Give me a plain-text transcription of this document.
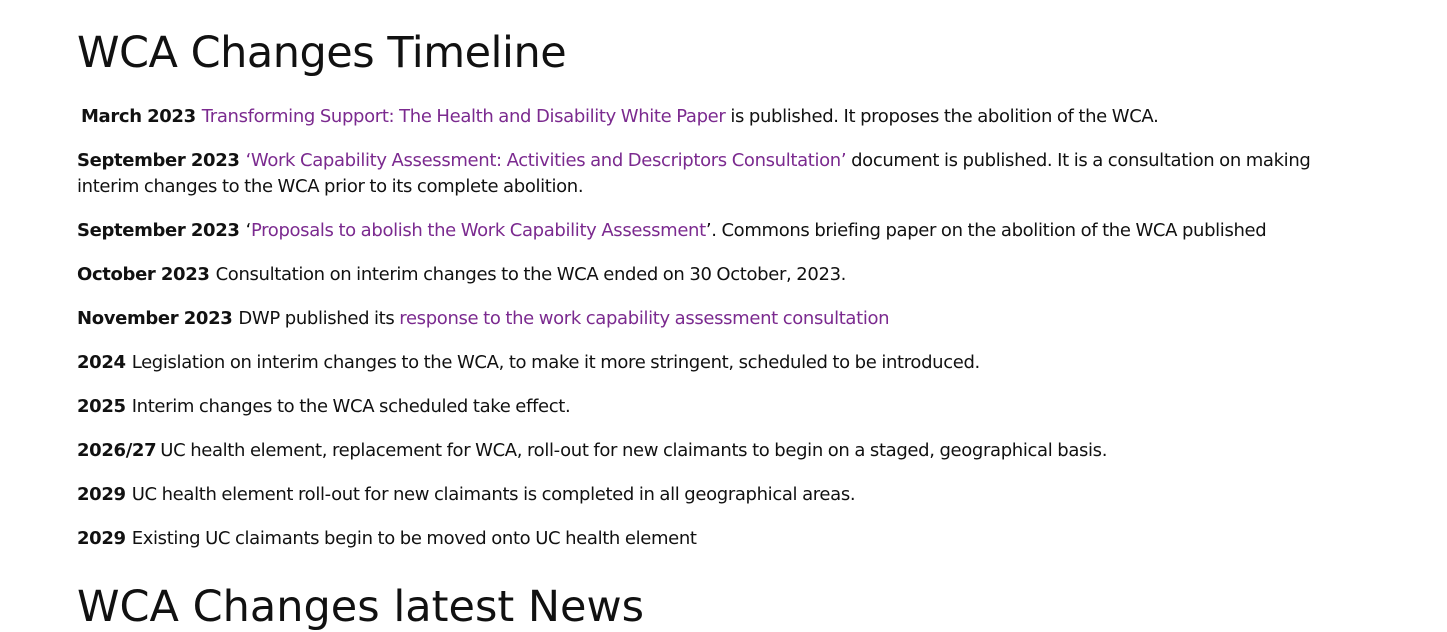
WCA Changes Timeline

March 2023 Transforming Support: The Health and Disability White Paper is published. It proposes the abolition of the WCA.

September 2023 ‘Work Capability Assessment: Activities and Descriptors Consultation’ document is published. It is a consultation on making interim changes to the WCA prior to its complete abolition.

September 2023 ‘Proposals to abolish the Work Capability Assessment’. Commons briefing paper on the abolition of the WCA published

October 2023 Consultation on interim changes to the WCA ended on 30 October, 2023.

November 2023 DWP published its response to the work capability assessment consultation

2024 Legislation on interim changes to the WCA, to make it more stringent, scheduled to be introduced.

2025 Interim changes to the WCA scheduled take effect.

2026/27 UC health element, replacement for WCA, roll-out for new claimants to begin on a staged, geographical basis.

2029 UC health element roll-out for new claimants is completed in all geographical areas.

2029 Existing UC claimants begin to be moved onto UC health element

WCA Changes latest News
